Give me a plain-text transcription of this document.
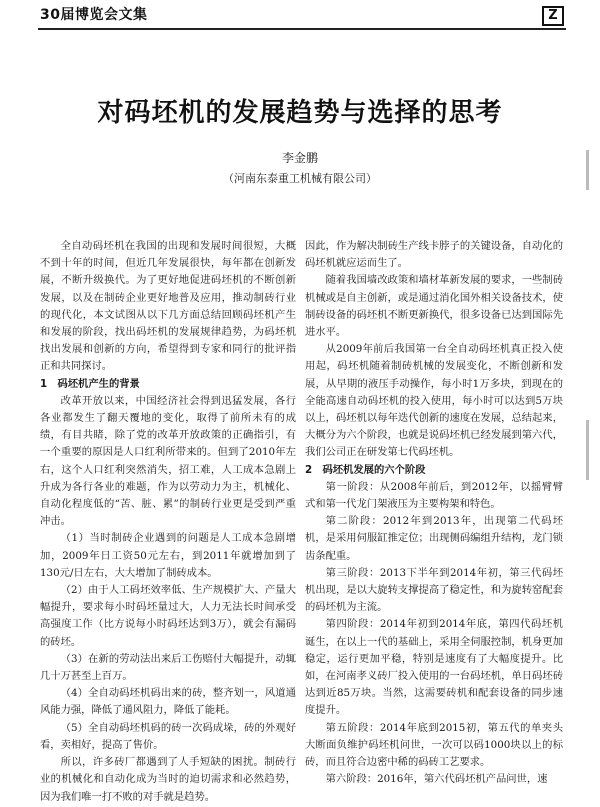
30届博览会文集	Z
对码坯机的发展趋势与选择的思考
李金鹏
（河南东泰重工机械有限公司）

全自动码坯机在我国的出现和发展时间很短，大概不到十年的时间，但近几年发展很快，每年都在创新发展，不断升级换代。为了更好地促进码坯机的不断创新发展，以及在制砖企业更好地普及应用，推动制砖行业的现代化，本文试图从以下几方面总结回顾码坯机产生和发展的阶段，找出码坯机的发展规律趋势，为码坯机找出发展和创新的方向，希望得到专家和同行的批评指正和共同探讨。

1　码坯机产生的背景

改革开放以来，中国经济社会得到迅猛发展，各行各业都发生了翻天覆地的变化，取得了前所未有的成绩，有目共睹，除了党的改革开放政策的正确指引，有一个重要的原因是人口红利所带来的。但到了2010年左右，这个人口红利突然消失，招工难，人工成本急剧上升成为各行各业的难题，作为以劳动力为主，机械化、自动化程度低的“苦、脏、累”的制砖行业更是受到严重冲击。

（1）当时制砖企业遇到的问题是人工成本急剧增加，2009年日工资50元左右，到2011年就增加到了130元/日左右，大大增加了制砖成本。

（2）由于人工码坯效率低、生产规模扩大、产量大幅提升，要求每小时码坯量过大，人力无法长时间承受高强度工作（比方说每小时码坯达到3万），就会有漏码的砖坯。

（3）在新的劳动法出来后工伤赔付大幅提升，动辄几十万甚至上百万。

（4）全自动码坯机码出来的砖，整齐划一，风道通风能力强，降低了通风阻力，降低了能耗。

（5）全自动码坯机码的砖一次码成垛，砖的外观好看，卖相好，提高了售价。

所以，许多砖厂都遇到了人手短缺的困扰。制砖行业的机械化和自动化成为当时的迫切需求和必然趋势，因为我们唯一打不败的对手就是趋势。

因此，作为解决制砖生产线卡脖子的关键设备，自动化的码坯机就应运而生了。

随着我国墙改政策和墙材革新发展的要求，一些制砖机械或是自主创新，或是通过消化国外相关设备技术，使制砖设备的码坯机不断更新换代，很多设备已达到国际先进水平。

从2009年前后我国第一台全自动码坯机真正投入使用起，码坯机随着制砖机械的发展变化，不断创新和发展，从早期的液压手动操作，每小时1万多块，到现在的全能高速自动码坯机的投入使用，每小时可以达到5万块以上，码坯机以每年迭代创新的速度在发展，总结起来，大概分为六个阶段，也就是说码坯机已经发展到第六代，我们公司正在研发第七代码坯机。

2　码坯机发展的六个阶段

第一阶段：从2008年前后，到2012年，以摇臂臂式和第一代龙门架液压为主要构架和特色。

第二阶段：2012年到2013年，出现第二代码坯机，是采用伺服缸推定位；出现侧码编组升结构，龙门锁齿条配重。

第三阶段：2013下半年到2014年初，第三代码坯机出现，是以大旋转支撑提高了稳定性，和为旋转窑配套的码坯机为主流。

第四阶段：2014年初到2014年底，第四代码坯机诞生，在以上一代的基础上，采用全伺服控制，机身更加稳定，运行更加平稳，特别是速度有了大幅度提升。比如，在河南孝义砖厂投入使用的一台码坯机，单日码坯砖达到近85万块。当然，这需要砖机和配套设备的同步速度提升。

第五阶段：2014年底到2015初，第五代的单夹头大断面负维护码坯机问世，一次可以码1000块以上的标砖，而且符合边密中稀的码砖工艺要求。

第六阶段：2016年，第六代码坯机产品问世，速
